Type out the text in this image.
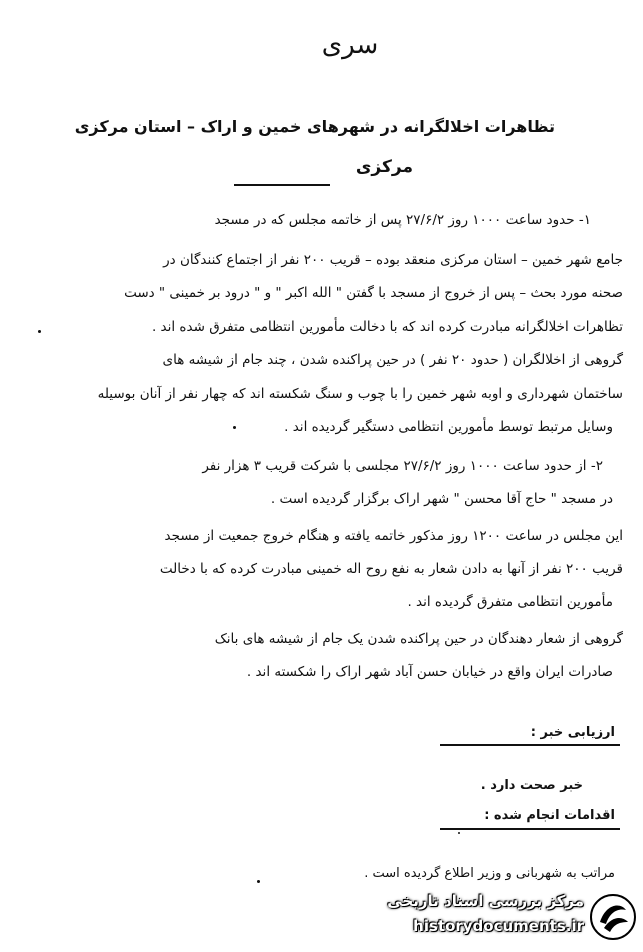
سری
تظاهرات اخلالگرانه در شهرهای خمین و اراک – استان مرکزی
مرکزی
۱- حدود ساعت ۱۰۰۰ روز ۲۷/۶/۲ پس از خاتمه مجلس که در مسجد
جامع شهر خمین – استان مرکزی منعقد بوده – قریب ۲۰۰ نفر از اجتماع کنندگان در
صحنه مورد بحث – پس از خروج از مسجد با گفتن " الله اکبر " و " درود بر خمینی " دست
تظاهرات اخلالگرانه مبادرت کرده اند که با دخالت مأمورین انتظامی متفرق شده اند .
گروهی از اخلالگران ( حدود ۲۰ نفر ) در حین پراکنده شدن ، چند جام از شیشه های
ساختمان شهرداری و اوبه شهر خمین را با چوب و سنگ شکسته اند که چهار نفر از آنان بوسیله
وسایل مرتبط توسط مأمورین انتظامی دستگیر گردیده اند .
۲- از حدود ساعت ۱۰۰۰ روز ۲۷/۶/۲ مجلسی با شرکت قریب ۳ هزار نفر
در مسجد " حاج آقا محسن " شهر اراک برگزار گردیده است .
این مجلس در ساعت ۱۲۰۰ روز مذکور خاتمه یافته و هنگام خروج جمعیت از مسجد
قریب ۲۰۰ نفر از آنها به دادن شعار به نفع روح اله خمینی مبادرت کرده که با دخالت
مأمورین انتظامی متفرق گردیده اند .
گروهی از شعار دهندگان در حین پراکنده شدن یک جام از شیشه های بانک
صادرات ایران واقع در خیابان حسن آباد شهر اراک را شکسته اند .
ارزیابی خبر :
خبر صحت دارد .
اقدامات انجام شده :
مراتب به شهربانی و وزیر اطلاع گردیده است .
مرکز بررسی اسناد تاریخی
historydocuments.ir
